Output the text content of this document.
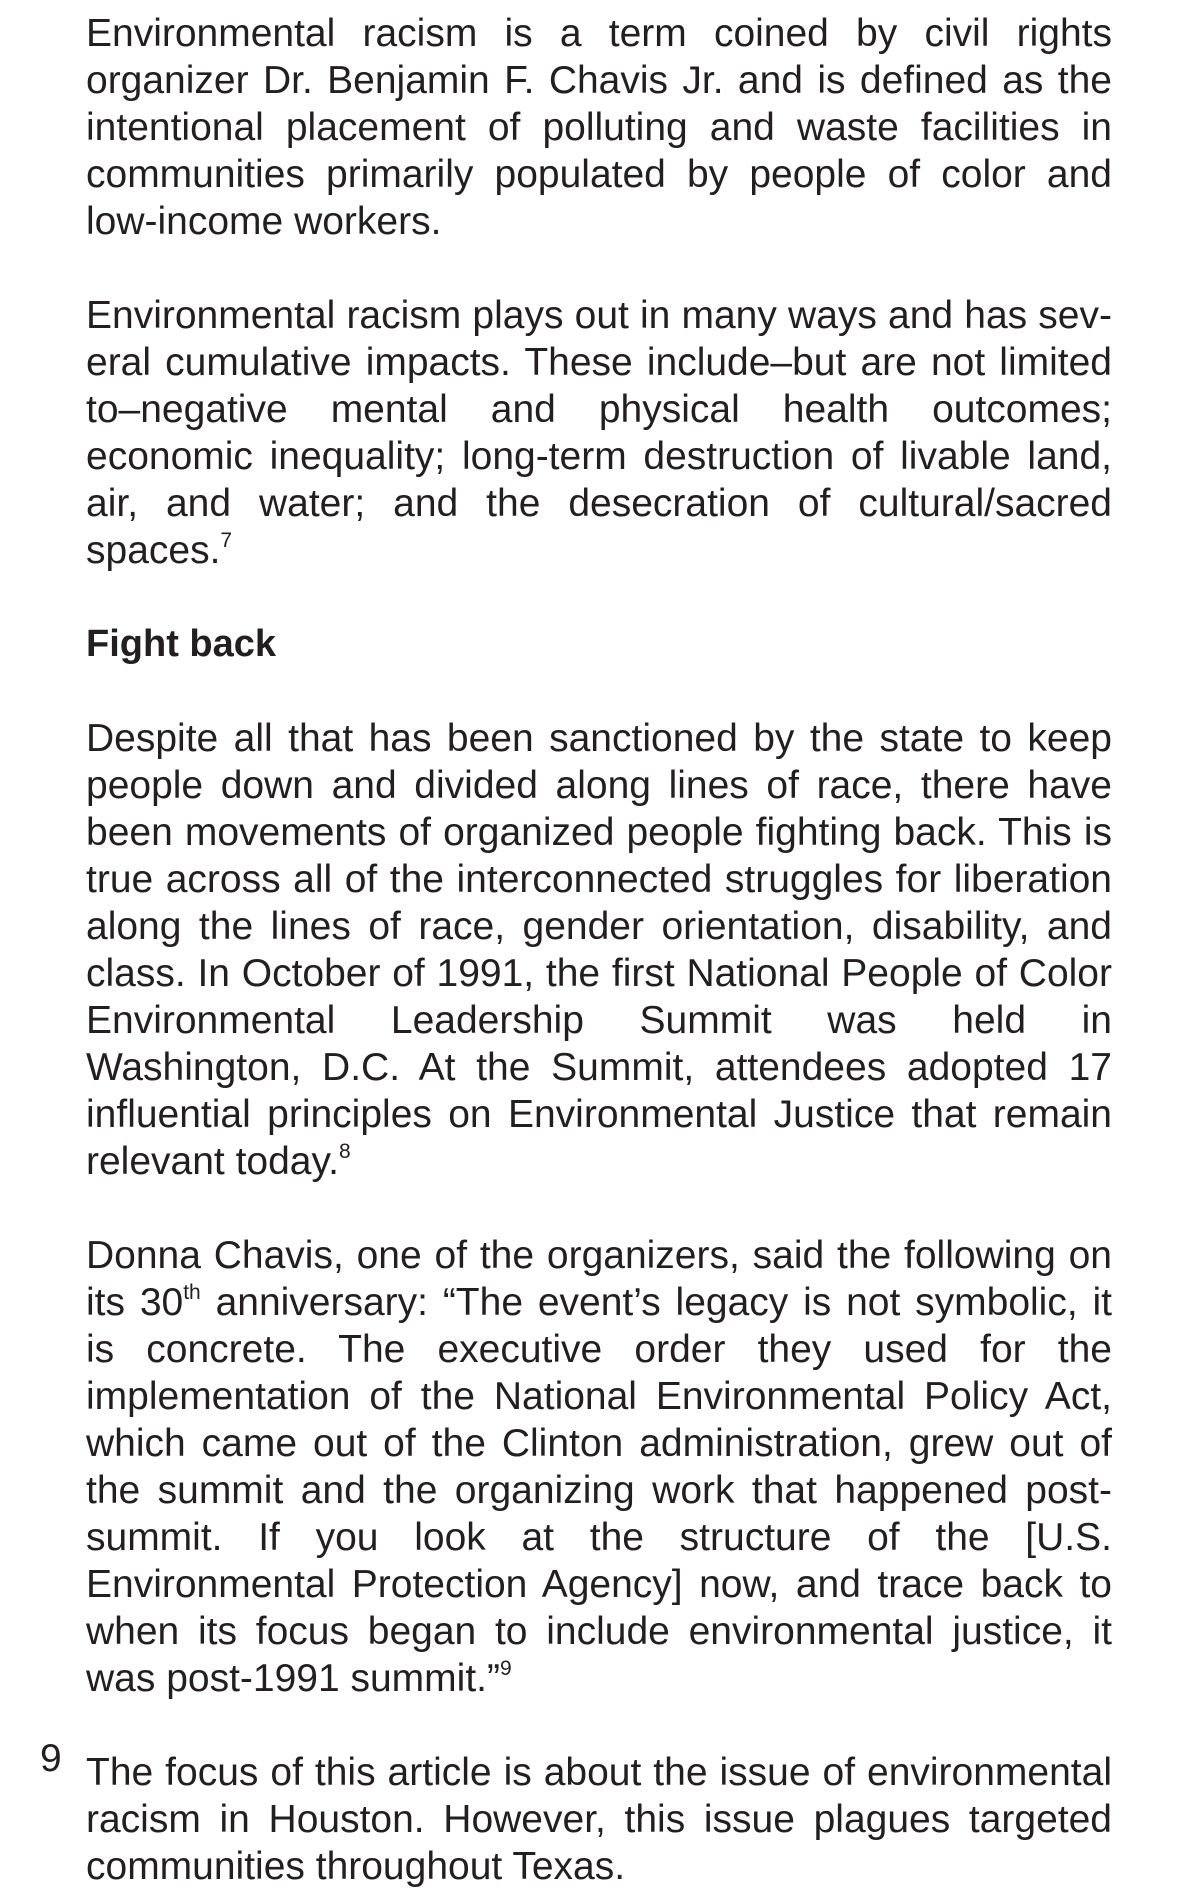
Environmental racism is a term coined by civil rights organizer Dr. Benjamin F. Chavis Jr. and is defined as the intentional placement of polluting and waste facilities in communities primarily populated by people of color and low-income workers.

Environmental racism plays out in many ways and has several cumulative impacts. These include–but are not limited to–negative mental and physical health outcomes; economic inequality; long-term destruction of livable land, air, and water; and the desecration of cultural/sacred spaces.$^7$

Fight back

Despite all that has been sanctioned by the state to keep people down and divided along lines of race, there have been movements of organized people fighting back. This is true across all of the interconnected struggles for liberation along the lines of race, gender orientation, disability, and class. In October of 1991, the first National People of Color Environmental Leadership Summit was held in Washington, D.C. At the Summit, attendees adopted 17 influential principles on Environmental Justice that remain relevant today.$^8$

Donna Chavis, one of the organizers, said the following on its 30th anniversary: “The event’s legacy is not symbolic, it is concrete. The executive order they used for the implementation of the National Environmental Policy Act, which came out of the Clinton administration, grew out of the summit and the organizing work that happened post-summit. If you look at the structure of the [U.S. Environmental Protection Agency] now, and trace back to when its focus began to include environmental justice, it was post-1991 summit.”$^9$

The focus of this article is about the issue of environmental racism in Houston. However, this issue plagues targeted communities throughout Texas.

9
